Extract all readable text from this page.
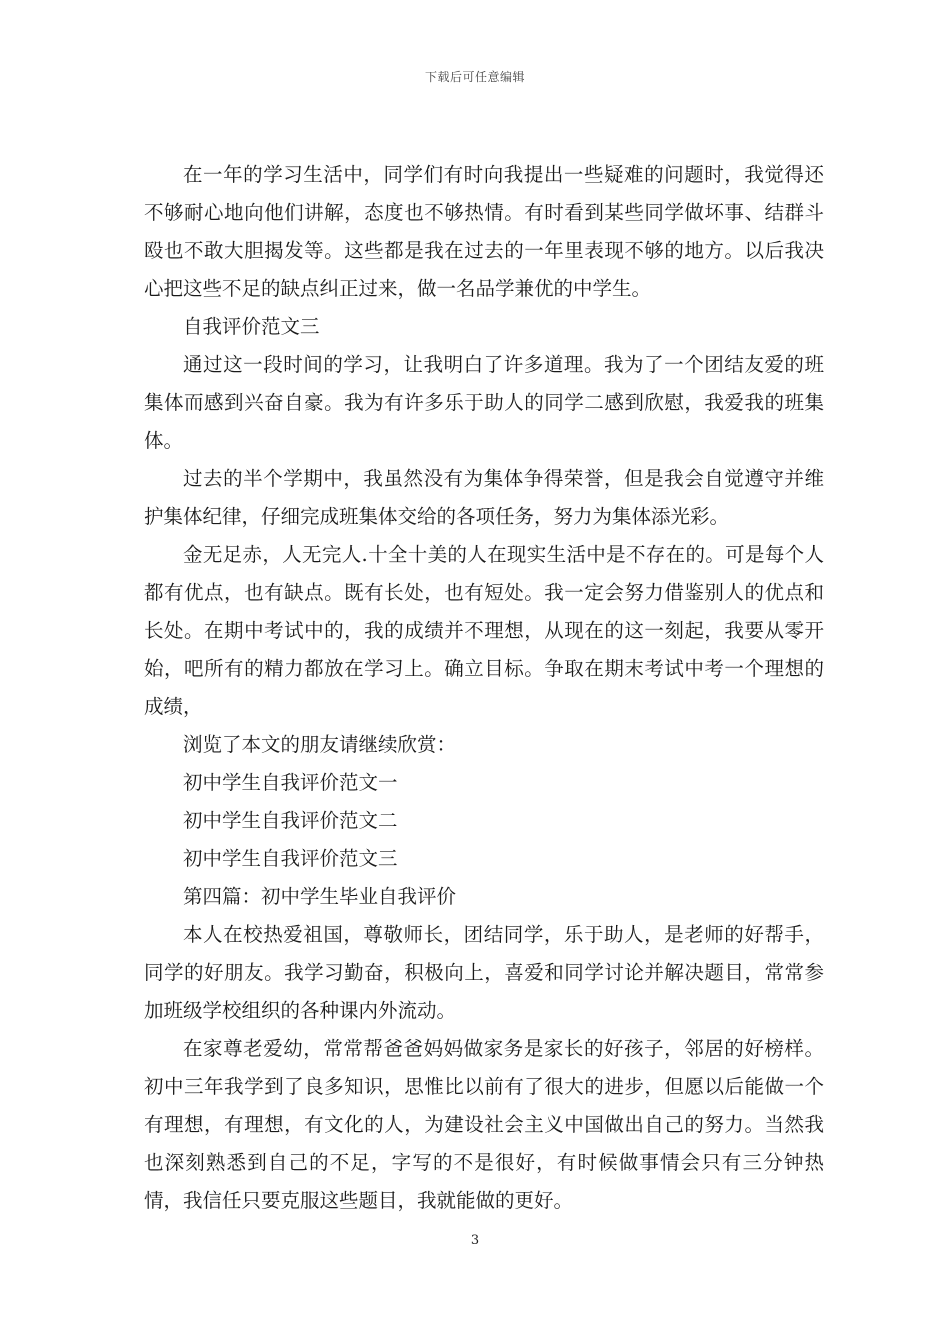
下载后可任意编辑

在一年的学习生活中，同学们有时向我提出一些疑难的问题时，我觉得还不够耐心地向他们讲解，态度也不够热情。有时看到某些同学做坏事、结群斗殴也不敢大胆揭发等。这些都是我在过去的一年里表现不够的地方。以后我决心把这些不足的缺点纠正过来，做一名品学兼优的中学生。

自我评价范文三

通过这一段时间的学习，让我明白了许多道理。我为了一个团结友爱的班集体而感到兴奋自豪。我为有许多乐于助人的同学二感到欣慰，我爱我的班集体。

过去的半个学期中，我虽然没有为集体争得荣誉，但是我会自觉遵守并维护集体纪律，仔细完成班集体交给的各项任务，努力为集体添光彩。

金无足赤，人无完人.十全十美的人在现实生活中是不存在的。可是每个人都有优点，也有缺点。既有长处，也有短处。我一定会努力借鉴别人的优点和长处。在期中考试中的，我的成绩并不理想，从现在的这一刻起，我要从零开始，吧所有的精力都放在学习上。确立目标。争取在期末考试中考一个理想的成绩，

浏览了本文的朋友请继续欣赏：

初中学生自我评价范文一

初中学生自我评价范文二

初中学生自我评价范文三

第四篇：初中学生毕业自我评价

本人在校热爱祖国，尊敬师长，团结同学，乐于助人，是老师的好帮手，同学的好朋友。我学习勤奋，积极向上，喜爱和同学讨论并解决题目，常常参加班级学校组织的各种课内外流动。

在家尊老爱幼，常常帮爸爸妈妈做家务是家长的好孩子，邻居的好榜样。初中三年我学到了良多知识，思惟比以前有了很大的进步，但愿以后能做一个有理想，有理想，有文化的人，为建设社会主义中国做出自己的努力。当然我也深刻熟悉到自己的不足，字写的不是很好，有时候做事情会只有三分钟热情，我信任只要克服这些题目，我就能做的更好。

3
